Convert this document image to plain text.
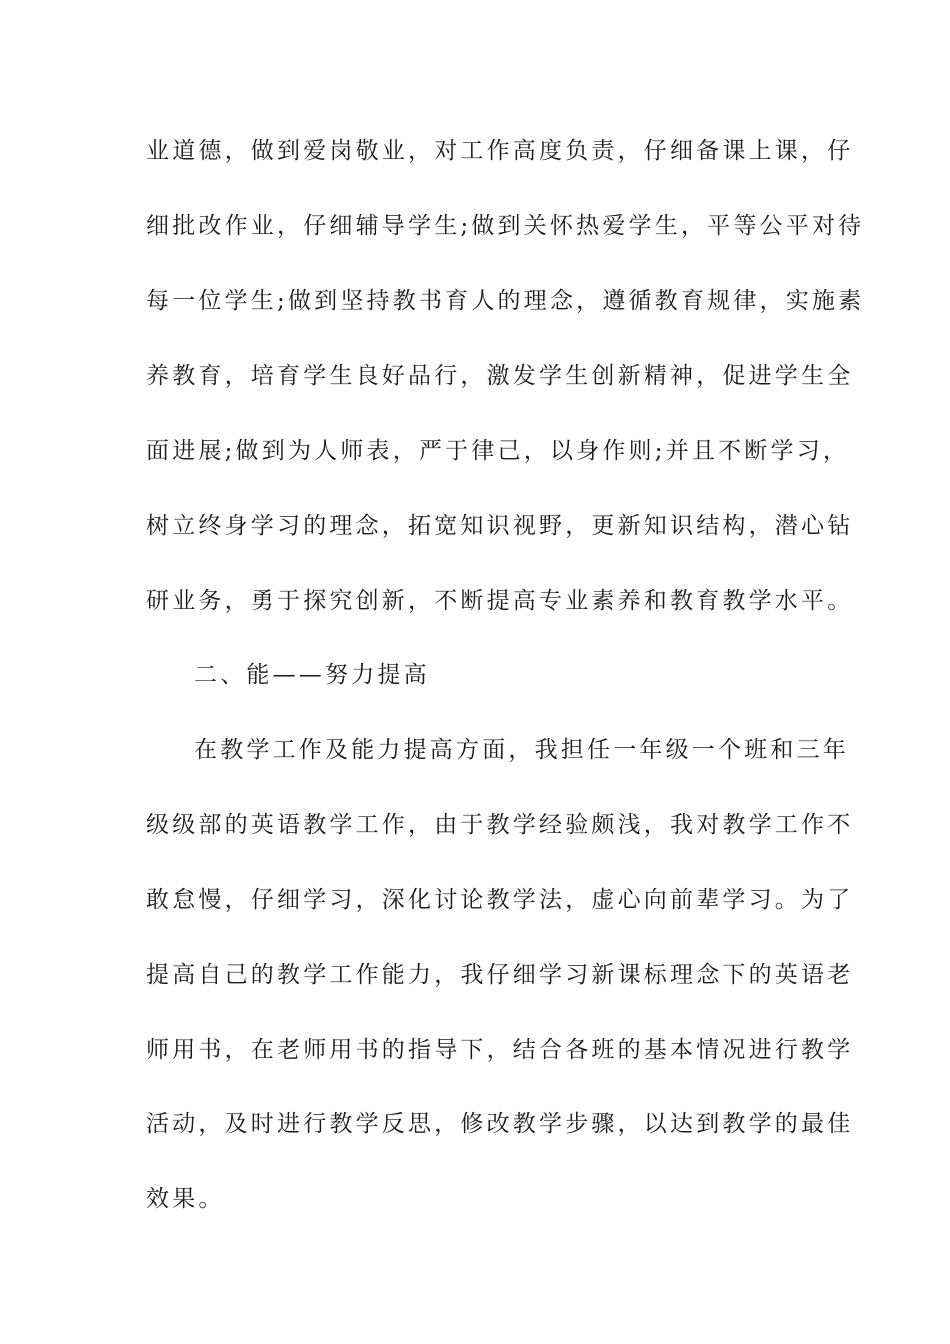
业道德，做到爱岗敬业，对工作高度负责，仔细备课上课，仔
细批改作业，仔细辅导学生;做到关怀热爱学生，平等公平对待
每一位学生;做到坚持教书育人的理念，遵循教育规律，实施素
养教育，培育学生良好品行，激发学生创新精神，促进学生全
面进展;做到为人师表，严于律己，以身作则;并且不断学习，
树立终身学习的理念，拓宽知识视野，更新知识结构，潜心钻
研业务，勇于探究创新，不断提高专业素养和教育教学水平。
二、能——努力提高
在教学工作及能力提高方面，我担任一年级一个班和三年
级级部的英语教学工作，由于教学经验颇浅，我对教学工作不
敢怠慢，仔细学习，深化讨论教学法，虚心向前辈学习。为了
提高自己的教学工作能力，我仔细学习新课标理念下的英语老
师用书，在老师用书的指导下，结合各班的基本情况进行教学
活动，及时进行教学反思，修改教学步骤，以达到教学的最佳
效果。
